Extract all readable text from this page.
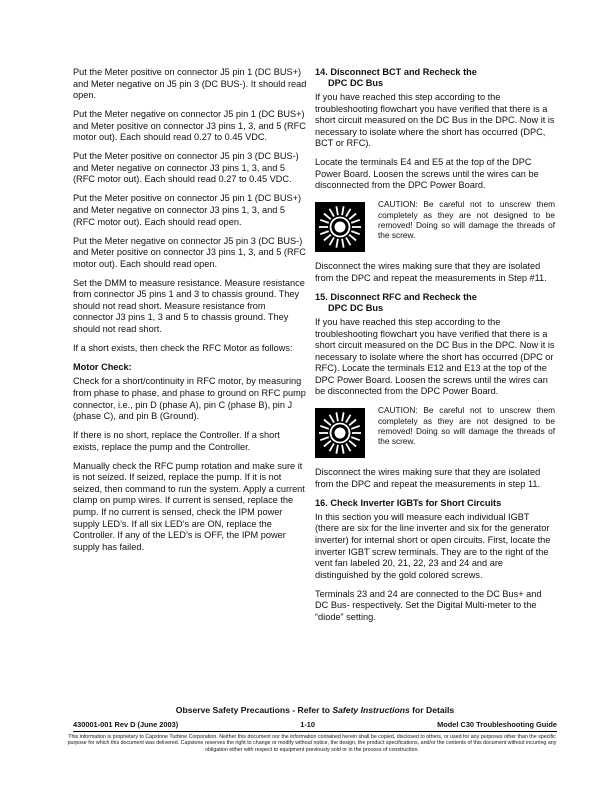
Put the Meter positive on connector J5 pin 1 (DC BUS+) and Meter negative on J5 pin 3 (DC BUS-). It should read open.

Put the Meter negative on connector J5 pin 1 (DC BUS+) and Meter positive on connector J3 pins 1, 3, and 5 (RFC motor out). Each should read 0.27 to 0.45 VDC.

Put the Meter positive on connector J5 pin 3 (DC BUS-) and Meter negative on connector J3 pins 1, 3, and 5 (RFC motor out). Each should read 0.27 to 0.45 VDC.

Put the Meter positive on connector J5 pin 1 (DC BUS+) and Meter negative on connector J3 pins 1, 3, and 5 (RFC motor out). Each should read open.

Put the Meter negative on connector J5 pin 3 (DC BUS-) and Meter positive on connector J3 pins 1, 3, and 5 (RFC motor out). Each should read open.

Set the DMM to measure resistance. Measure resistance from connector J5 pins 1 and 3 to chassis ground. They should not read short. Measure resistance from connector J3 pins 1, 3 and 5 to chassis ground. They should not read short.

If a short exists, then check the RFC Motor as follows:

Motor Check:

Check for a short/continuity in RFC motor, by measuring from phase to phase, and phase to ground on RFC pump connector, i.e., pin D (phase A), pin C (phase B), pin J (phase C), and pin B (Ground).

If there is no short, replace the Controller. If a short exists, replace the pump and the Controller.

Manually check the RFC pump rotation and make sure it is not seized. If seized, replace the pump. If it is not seized, then command to run the system. Apply a current clamp on pump wires. If current is sensed, replace the pump. If no current is sensed, check the IPM power supply LED’s. If all six LED’s are ON, replace the Controller. If any of the LED’s is OFF, the IPM power supply has failed.

14. Disconnect BCT and Recheck the
DPC DC Bus

If you have reached this step according to the troubleshooting flowchart you have verified that there is a short circuit measured on the DC Bus in the DPC. Now it is necessary to isolate where the short has occurred (DPC, BCT or RFC).

Locate the terminals E4 and E5 at the top of the DPC Power Board. Loosen the screws until the wires can be disconnected from the DPC Power Board.

CAUTION: Be careful not to unscrew them completely as they are not designed to be removed! Doing so will damage the threads of the screw.

Disconnect the wires making sure that they are isolated from the DPC and repeat the measurements in Step #11.

15. Disconnect RFC and Recheck the
DPC DC Bus

If you have reached this step according to the troubleshooting flowchart you have verified that there is a short circuit measured on the DC Bus in the DPC. Now it is necessary to isolate where the short has occurred (DPC or RFC). Locate the terminals E12 and E13 at the top of the DPC Power Board. Loosen the screws until the wires can be disconnected from the DPC Power Board.

CAUTION: Be careful not to unscrew them completely as they are not designed to be removed! Doing so will damage the threads of the screw.

Disconnect the wires making sure that they are isolated from the DPC and repeat the measurements in step 11.

16. Check Inverter IGBTs for Short Circuits

In this section you will measure each individual IGBT (there are six for the line inverter and six for the generator inverter) for internal short or open circuits. First, locate the inverter IGBT screw terminals. They are to the right of the vent fan labeled 20, 21, 22, 23 and 24 and are distinguished by the gold colored screws.

Terminals 23 and 24 are connected to the DC Bus+ and DC Bus- respectively. Set the Digital Multi-meter to the “diode” setting.

Observe Safety Precautions - Refer to Safety Instructions for Details
430001-001 Rev D (June 2003)	1-10	Model C30 Troubleshooting Guide
This information is proprietary to Capstone Turbine Corporation. Neither this document nor the information contained herein shall be copied, disclosed to others, or used for any purposes other than the specific purpose for which this document was delivered. Capstone reserves the right to change or modify without notice, the design, the product specifications, and/or the contents of this document without incurring any obligation either with respect to equipment previously sold or in the process of construction.
